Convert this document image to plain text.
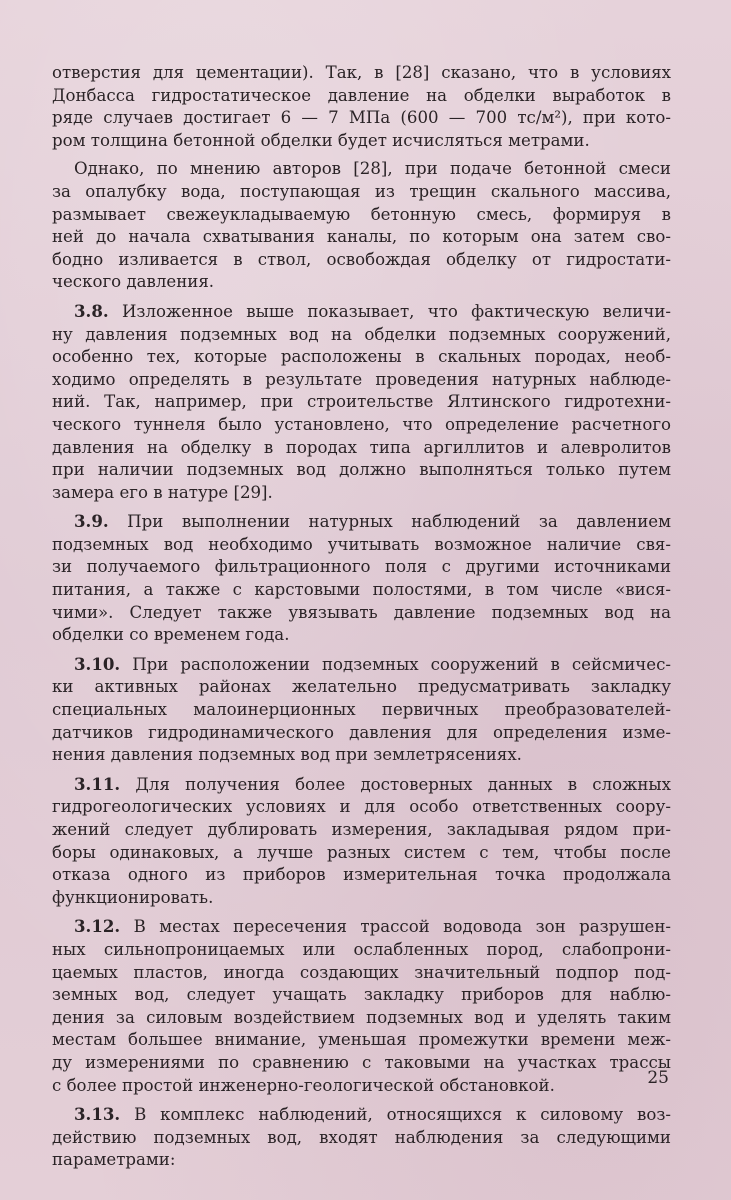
отверстия для цементации). Так, в [28] сказано, что в условиях
Донбасса гидростатическое давление на обделки выработок в
ряде случаев достигает 6 — 7 МПа (600 — 700 тс/м²), при кото-
ром толщина бетонной обделки будет исчисляться метрами.
Однако, по мнению авторов [28], при подаче бетонной смеси
за опалубку вода, поступающая из трещин скального массива,
размывает свежеукладываемую бетонную смесь, формируя в
ней до начала схватывания каналы, по которым она затем сво-
бодно изливается в ствол, освобождая обделку от гидростати-
ческого давления.
3.8. Изложенное выше показывает, что фактическую величи-
ну давления подземных вод на обделки подземных сооружений,
особенно тех, которые расположены в скальных породах, необ-
ходимо определять в результате проведения натурных наблюде-
ний. Так, например, при строительстве Ялтинского гидротехни-
ческого туннеля было установлено, что определение расчетного
давления на обделку в породах типа аргиллитов и алевролитов
при наличии подземных вод должно выполняться только путем
замера его в натуре [29].
3.9. При выполнении натурных наблюдений за давлением
подземных вод необходимо учитывать возможное наличие свя-
зи получаемого фильтрационного поля с другими источниками
питания, а также с карстовыми полостями, в том числе «вися-
чими». Следует также увязывать давление подземных вод на
обделки со временем года.
3.10. При расположении подземных сооружений в сейсмичес-
ки активных районах желательно предусматривать закладку
специальных малоинерционных первичных преобразователей-
датчиков гидродинамического давления для определения изме-
нения давления подземных вод при землетрясениях.
3.11. Для получения более достоверных данных в сложных
гидрогеологических условиях и для особо ответственных соору-
жений следует дублировать измерения, закладывая рядом при-
боры одинаковых, а лучше разных систем с тем, чтобы после
отказа одного из приборов измерительная точка продолжала
функционировать.
3.12. В местах пересечения трассой водовода зон разрушен-
ных сильнопроницаемых или ослабленных пород, слабопрони-
цаемых пластов, иногда создающих значительный подпор под-
земных вод, следует учащать закладку приборов для наблю-
дения за силовым воздействием подземных вод и уделять таким
местам большее внимание, уменьшая промежутки времени меж-
ду измерениями по сравнению с таковыми на участках трассы
с более простой инженерно-геологической обстановкой.
3.13. В комплекс наблюдений, относящихся к силовому воз-
действию подземных вод, входят наблюдения за следующими
параметрами:
25
